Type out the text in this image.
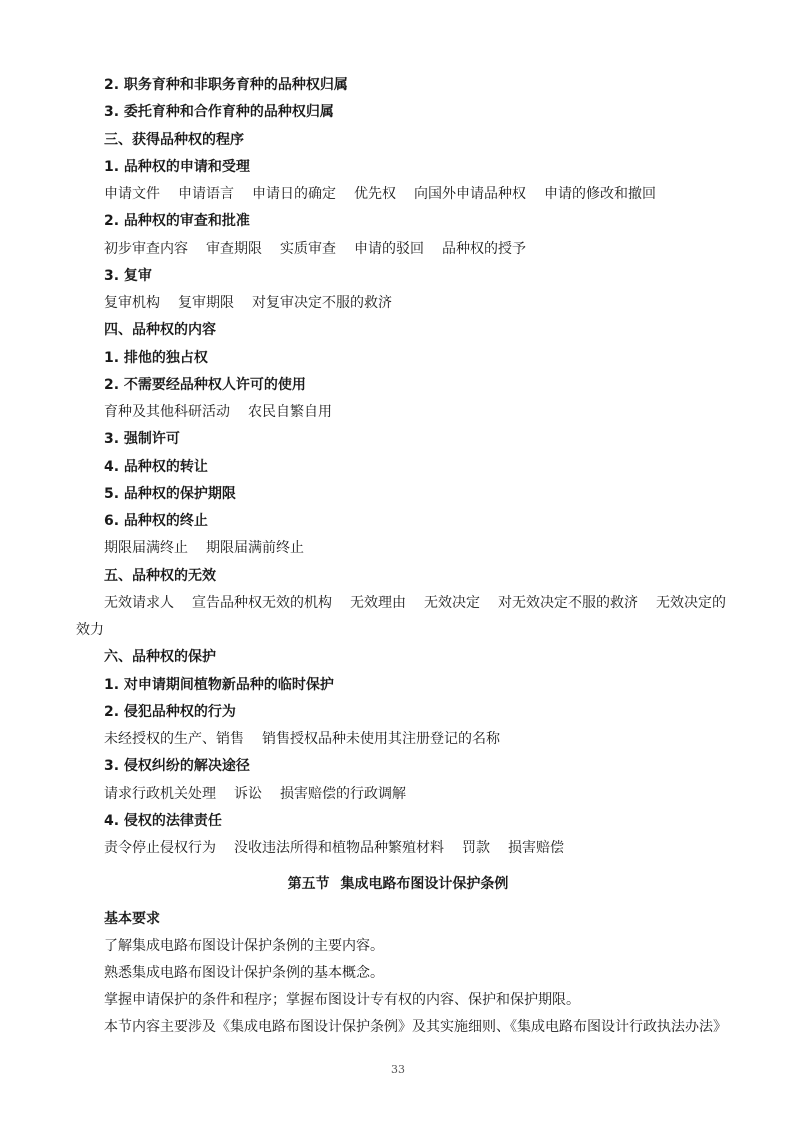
2. 职务育种和非职务育种的品种权归属
3. 委托育种和合作育种的品种权归属
三、获得品种权的程序
1. 品种权的申请和受理
申请文件 申请语言 申请日的确定 优先权 向国外申请品种权 申请的修改和撤回
2. 品种权的审查和批准
初步审查内容 审查期限 实质审查 申请的驳回 品种权的授予
3. 复审
复审机构 复审期限 对复审决定不服的救济
四、品种权的内容
1. 排他的独占权
2. 不需要经品种权人许可的使用
育种及其他科研活动 农民自繁自用
3. 强制许可
4. 品种权的转让
5. 品种权的保护期限
6. 品种权的终止
期限届满终止 期限届满前终止
五、品种权的无效
无效请求人 宣告品种权无效的机构 无效理由 无效决定 对无效决定不服的救济 无效决定的
效力
六、品种权的保护
1. 对申请期间植物新品种的临时保护
2. 侵犯品种权的行为
未经授权的生产、销售 销售授权品种未使用其注册登记的名称
3. 侵权纠纷的解决途径
请求行政机关处理 诉讼 损害赔偿的行政调解
4. 侵权的法律责任
责令停止侵权行为 没收违法所得和植物品种繁殖材料 罚款 损害赔偿
第五节 集成电路布图设计保护条例
基本要求
了解集成电路布图设计保护条例的主要内容。
熟悉集成电路布图设计保护条例的基本概念。
掌握申请保护的条件和程序；掌握布图设计专有权的内容、保护和保护期限。
本节内容主要涉及《集成电路布图设计保护条例》及其实施细则、《集成电路布图设计行政执法办法》
33
